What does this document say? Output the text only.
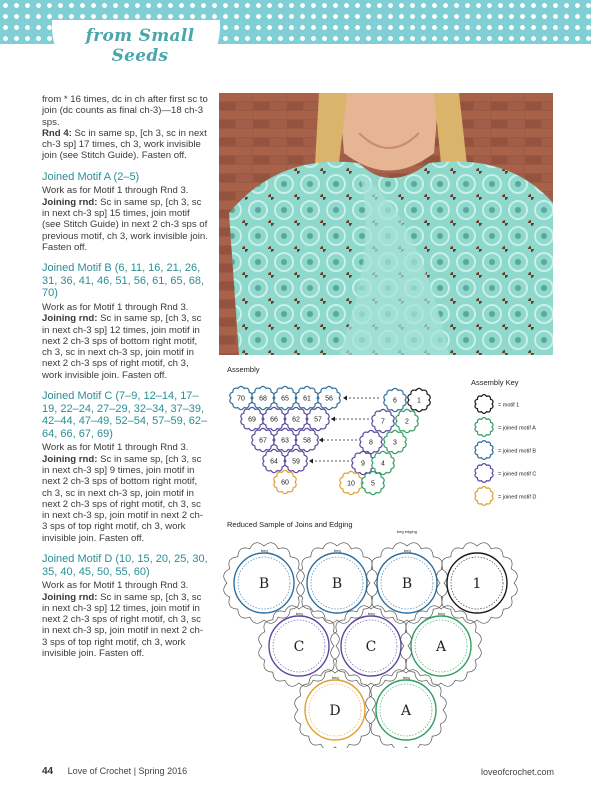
from Small Seeds

from * 16 times, dc in ch after first sc to join (dc counts as final ch-3)—18 ch-3 sps.

Rnd 4: Sc in same sp, [ch 3, sc in next ch-3 sp] 17 times, ch 3, work invisible join (see Stitch Guide). Fasten off.

Joined Motif A (2–5)

Work as for Motif 1 through Rnd 3.

Joining rnd: Sc in same sp, [ch 3, sc in next ch-3 sp] 15 times, join motif (see Stitch Guide) in next 2 ch-3 sps of previous motif, ch 3, work invisible join. Fasten off.

Joined Motif B (6, 11, 16, 21, 26, 31, 36, 41, 46, 51, 56, 61, 65, 68, 70)

Work as for Motif 1 through Rnd 3.

Joining rnd: Sc in same sp, [ch 3, sc in next ch-3 sp] 12 times, join motif in next 2 ch-3 sps of bottom right motif, ch 3, sc in next ch-3 sp, join motif in next 2 ch-3 sps of right motif, ch 3, work invisible join. Fasten off.

Joined Motif C (7–9, 12–14, 17–19, 22–24, 27–29, 32–34, 37–39, 42–44, 47–49, 52–54, 57–59, 62–64, 66, 67, 69)

Work as for Motif 1 through Rnd 3.

Joining rnd: Sc in same sp, [ch 3, sc in next ch-3 sp] 9 times, join motif in next 2 ch-3 sps of bottom right motif, ch 3, sc in next ch-3 sp, join motif in next 2 ch-3 sps of right motif, ch 3, sc in next ch-3 sp, join motif in next 2 ch-3 sps of top right motif, ch 3, work invisible join. Fasten off.

Joined Motif D (10, 15, 20, 25, 30, 35, 40, 45, 50, 55, 60)

Work as for Motif 1 through Rnd 3.

Joining rnd: Sc in same sp, [ch 3, sc in next ch-3 sp] 12 times, join motif in next 2 ch-3 sps of right motif, ch 3, sc in next ch-3 sp, join motif in next 2 ch-3 sps of top right motif, ch 3, work invisible join. Fasten off.

Assembly
70 68 65 61 56
69 66 62 57
67 63 58
64 59
60
6	1
7	2
8	3
9 4
10 5
Assembly Key
= motif 1
= joined motif A
= joined motif B
= joined motif C
= joined motif D
Reduced Sample of Joins and Edging
beg edging
B
beg
B
beg
B
beg
1
C
beg
C
beg
A
beg
D
beg
A
beg
44 Love of Crochet | Spring 2016	loveofcrochet.com
